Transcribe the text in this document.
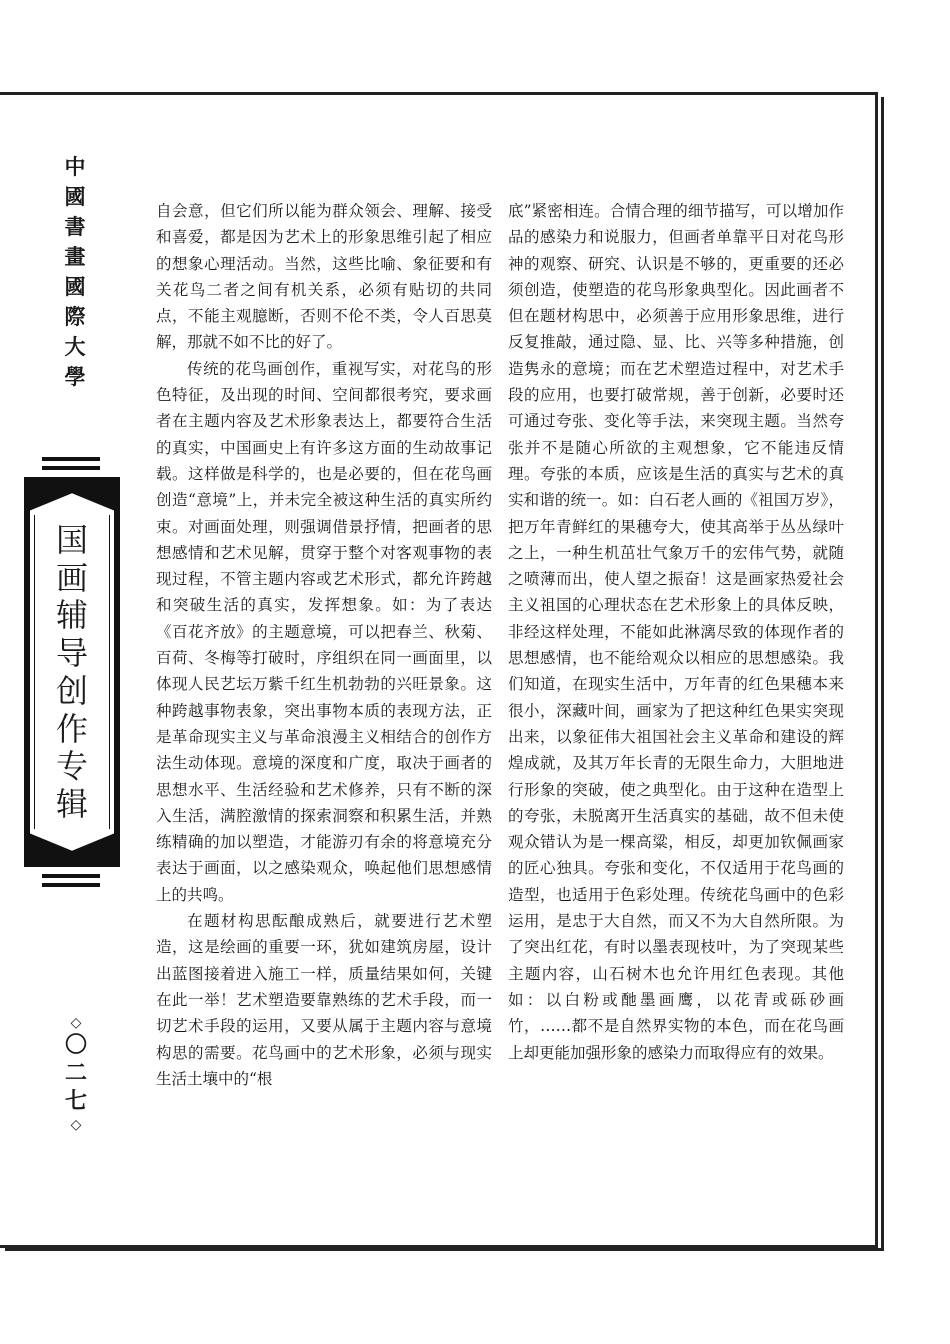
中
國
書
畫
國
際
大
學
国
画
辅
导
创
作
专
辑
◇
〇
二
七
◇

自会意，但它们所以能为群众领会、理解、接受和喜爱，都是因为艺术上的形象思维引起了相应的想象心理活动。当然，这些比喻、象征要和有关花鸟二者之间有机关系，必须有贴切的共同点，不能主观臆断，否则不伦不类，令人百思莫解，那就不如不比的好了。

传统的花鸟画创作，重视写实，对花鸟的形色特征，及出现的时间、空间都很考究，要求画者在主题内容及艺术形象表达上，都要符合生活的真实，中国画史上有许多这方面的生动故事记载。这样做是科学的，也是必要的，但在花鸟画创造“意境”上，并未完全被这种生活的真实所约束。对画面处理，则强调借景抒情，把画者的思想感情和艺术见解，贯穿于整个对客观事物的表现过程，不管主题内容或艺术形式，都允许跨越和突破生活的真实，发挥想象。如：为了表达《百花齐放》的主题意境，可以把春兰、秋菊、百荷、冬梅等打破时，序组织在同一画面里，以体现人民艺坛万紫千红生机勃勃的兴旺景象。这种跨越事物表象，突出事物本质的表现方法，正是革命现实主义与革命浪漫主义相结合的创作方法生动体现。意境的深度和广度，取决于画者的思想水平、生活经验和艺术修养，只有不断的深入生活，满腔激情的探索洞察和积累生活，并熟练精确的加以塑造，才能游刃有余的将意境充分表达于画面，以之感染观众，唤起他们思想感情上的共鸣。

在题材构思酝酿成熟后，就要进行艺术塑造，这是绘画的重要一环，犹如建筑房屋，设计出蓝图接着进入施工一样，质量结果如何，关键在此一举！艺术塑造要靠熟练的艺术手段，而一切艺术手段的运用，又要从属于主题内容与意境构思的需要。花鸟画中的艺术形象，必须与现实生活土壤中的“根

底”紧密相连。合情合理的细节描写，可以增加作品的感染力和说服力，但画者单靠平日对花鸟形神的观察、研究、认识是不够的，更重要的还必须创造，使塑造的花鸟形象典型化。因此画者不但在题材构思中，必须善于应用形象思维，进行反复推敲，通过隐、显、比、兴等多种措施，创造隽永的意境；而在艺术塑造过程中，对艺术手段的应用，也要打破常规，善于创新，必要时还可通过夸张、变化等手法，来突现主题。当然夸张并不是随心所欲的主观想象，它不能违反情理。夸张的本质，应该是生活的真实与艺术的真实和谐的统一。如：白石老人画的《祖国万岁》，把万年青鲜红的果穗夸大，使其高举于丛丛绿叶之上，一种生机茁壮气象万千的宏伟气势，就随之喷薄而出，使人望之振奋！这是画家热爱社会主义祖国的心理状态在艺术形象上的具体反映，非经这样处理，不能如此淋漓尽致的体现作者的思想感情，也不能给观众以相应的思想感染。我们知道，在现实生活中，万年青的红色果穗本来很小，深藏叶间，画家为了把这种红色果实突现出来，以象征伟大祖国社会主义革命和建设的辉煌成就，及其万年长青的无限生命力，大胆地进行形象的突破，使之典型化。由于这种在造型上的夸张，未脱离开生活真实的基础，故不但未使观众错认为是一棵高粱，相反，却更加钦佩画家的匠心独具。夸张和变化，不仅适用于花鸟画的造型，也适用于色彩处理。传统花鸟画中的色彩运用，是忠于大自然，而又不为大自然所限。为了突出红花，有时以墨表现枝叶，为了突现某些主题内容，山石树木也允许用红色表现。其他如：以白粉或酏墨画鹰，以花青或砾砂画竹，……都不是自然界实物的本色，而在花鸟画上却更能加强形象的感染力而取得应有的效果。
